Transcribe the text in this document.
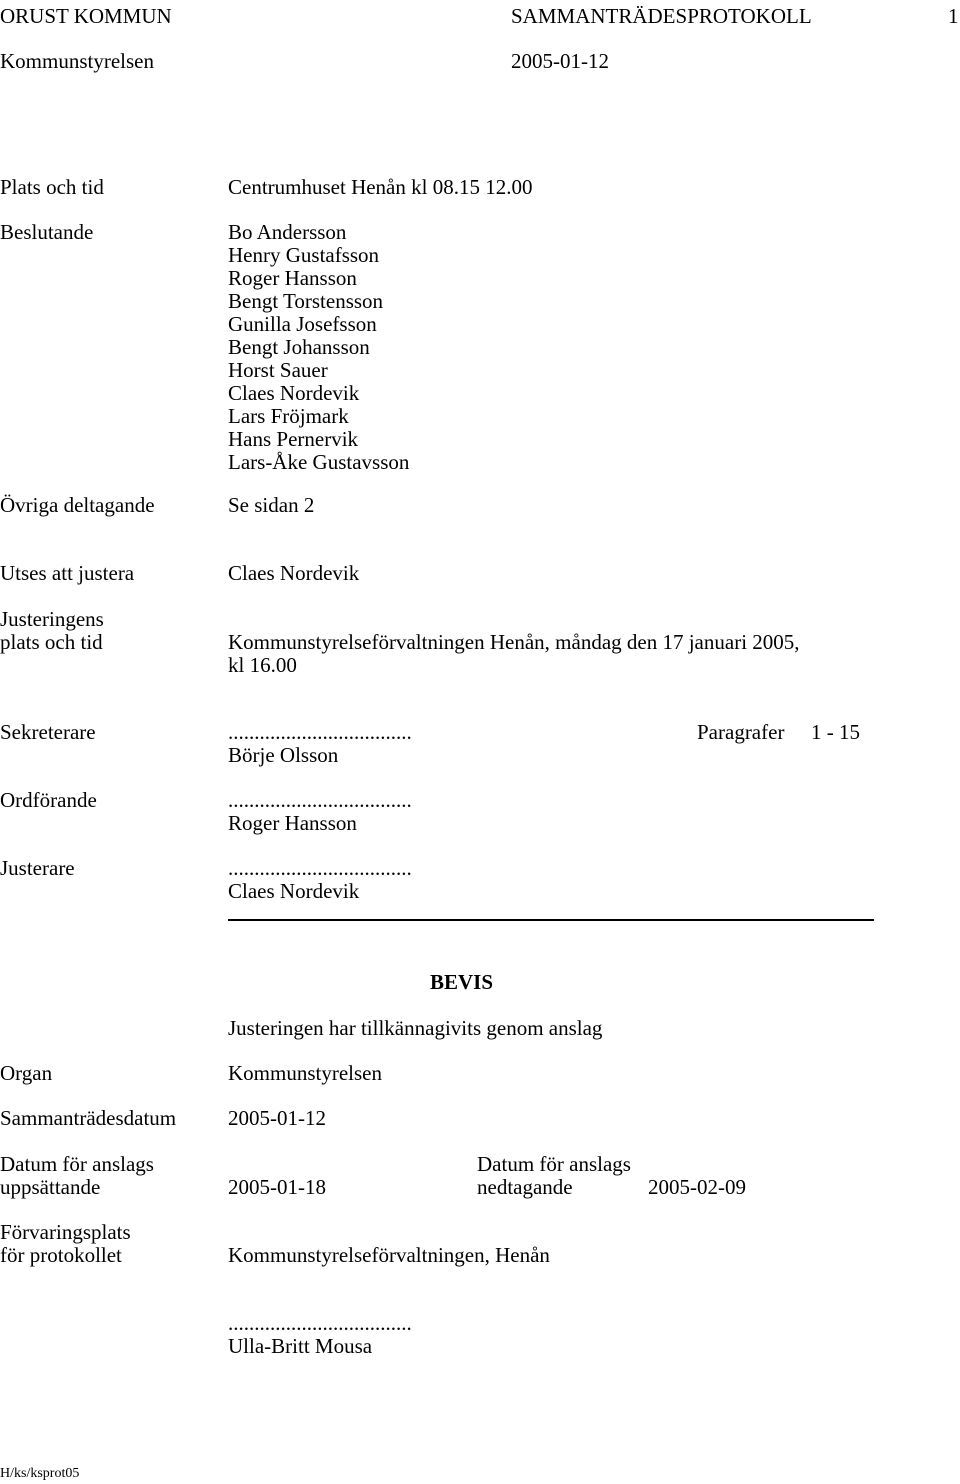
ORUST KOMMUN	SAMMANTRÄDESPROTOKOLL	1
Kommunstyrelsen	2005-01-12
Plats och tid	Centrumhuset Henån kl 08.15 12.00
Beslutande	Bo Andersson
Henry Gustafsson
Roger Hansson
Bengt Torstensson
Gunilla Josefsson
Bengt Johansson
Horst Sauer
Claes Nordevik
Lars Fröjmark
Hans Pernervik
Lars-Åke Gustavsson
Övriga deltagande	Se sidan 2
Utses att justera	Claes Nordevik
Justeringens
plats och tid	Kommunstyrelseförvaltningen Henån, måndag den 17 januari 2005,
kl 16.00
Sekreterare	...................................
Börje Olsson
Paragrafer 1 - 15
Ordförande	...................................
Roger Hansson
Justerare	...................................
Claes Nordevik
BEVIS
Justeringen har tillkännagivits genom anslag
Organ	Kommunstyrelsen
Sammanträdesdatum 2005-01-12
Datum för anslags
uppsättande	2005-01-18
Datum för anslags
nedtagande	2005-02-09
Förvaringsplats
för protokollet	Kommunstyrelseförvaltningen, Henån
...................................
Ulla-Britt Mousa
H/ks/ksprot05
